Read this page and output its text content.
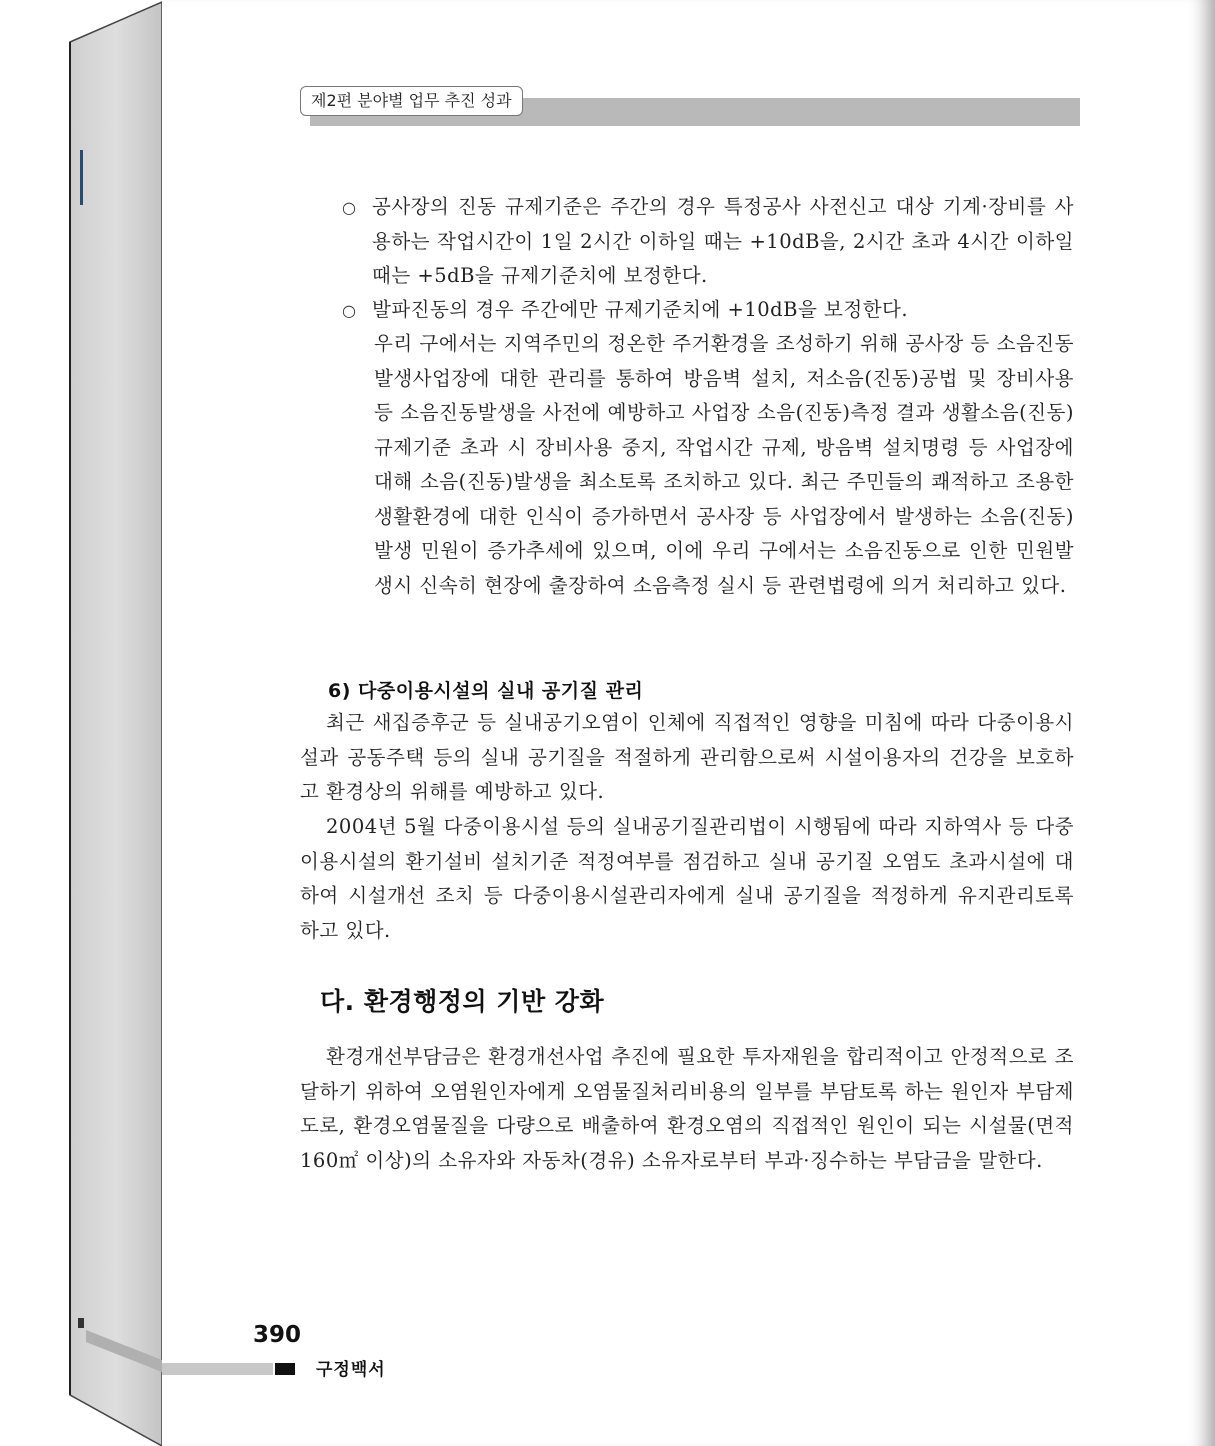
제2편 분야별 업무 추진 성과
○ 공사장의 진동 규제기준은 주간의 경우 특정공사 사전신고 대상 기계·장비를 사용하는 작업시간이 1일 2시간 이하일 때는 +10dB을, 2시간 초과 4시간 이하일 때는 +5dB을 규제기준치에 보정한다.

○ 발파진동의 경우 주간에만 규제기준치에 +10dB을 보정한다.

우리 구에서는 지역주민의 정온한 주거환경을 조성하기 위해 공사장 등 소음진동발생사업장에 대한 관리를 통하여 방음벽 설치, 저소음(진동)공법 및 장비사용 등 소음진동발생을 사전에 예방하고 사업장 소음(진동)측정 결과 생활소음(진동)규제기준 초과 시 장비사용 중지, 작업시간 규제, 방음벽 설치명령 등 사업장에 대해 소음(진동)발생을 최소토록 조치하고 있다. 최근 주민들의 쾌적하고 조용한 생활환경에 대한 인식이 증가하면서 공사장 등 사업장에서 발생하는 소음(진동)발생 민원이 증가추세에 있으며, 이에 우리 구에서는 소음진동으로 인한 민원발생시 신속히 현장에 출장하여 소음측정 실시 등 관련법령에 의거 처리하고 있다.

6) 다중이용시설의 실내 공기질 관리

최근 새집증후군 등 실내공기오염이 인체에 직접적인 영향을 미침에 따라 다중이용시설과 공동주택 등의 실내 공기질을 적절하게 관리함으로써 시설이용자의 건강을 보호하고 환경상의 위해를 예방하고 있다.

2004년 5월 다중이용시설 등의 실내공기질관리법이 시행됨에 따라 지하역사 등 다중이용시설의 환기설비 설치기준 적정여부를 점검하고 실내 공기질 오염도 초과시설에 대하여 시설개선 조치 등 다중이용시설관리자에게 실내 공기질을 적정하게 유지관리토록 하고 있다.

다. 환경행정의 기반 강화

환경개선부담금은 환경개선사업 추진에 필요한 투자재원을 합리적이고 안정적으로 조달하기 위하여 오염원인자에게 오염물질처리비용의 일부를 부담토록 하는 원인자 부담제도로, 환경오염물질을 다량으로 배출하여 환경오염의 직접적인 원인이 되는 시설물(면적 160㎡ 이상)의 소유자와 자동차(경유) 소유자로부터 부과·징수하는 부담금을 말한다.

390
구정백서
